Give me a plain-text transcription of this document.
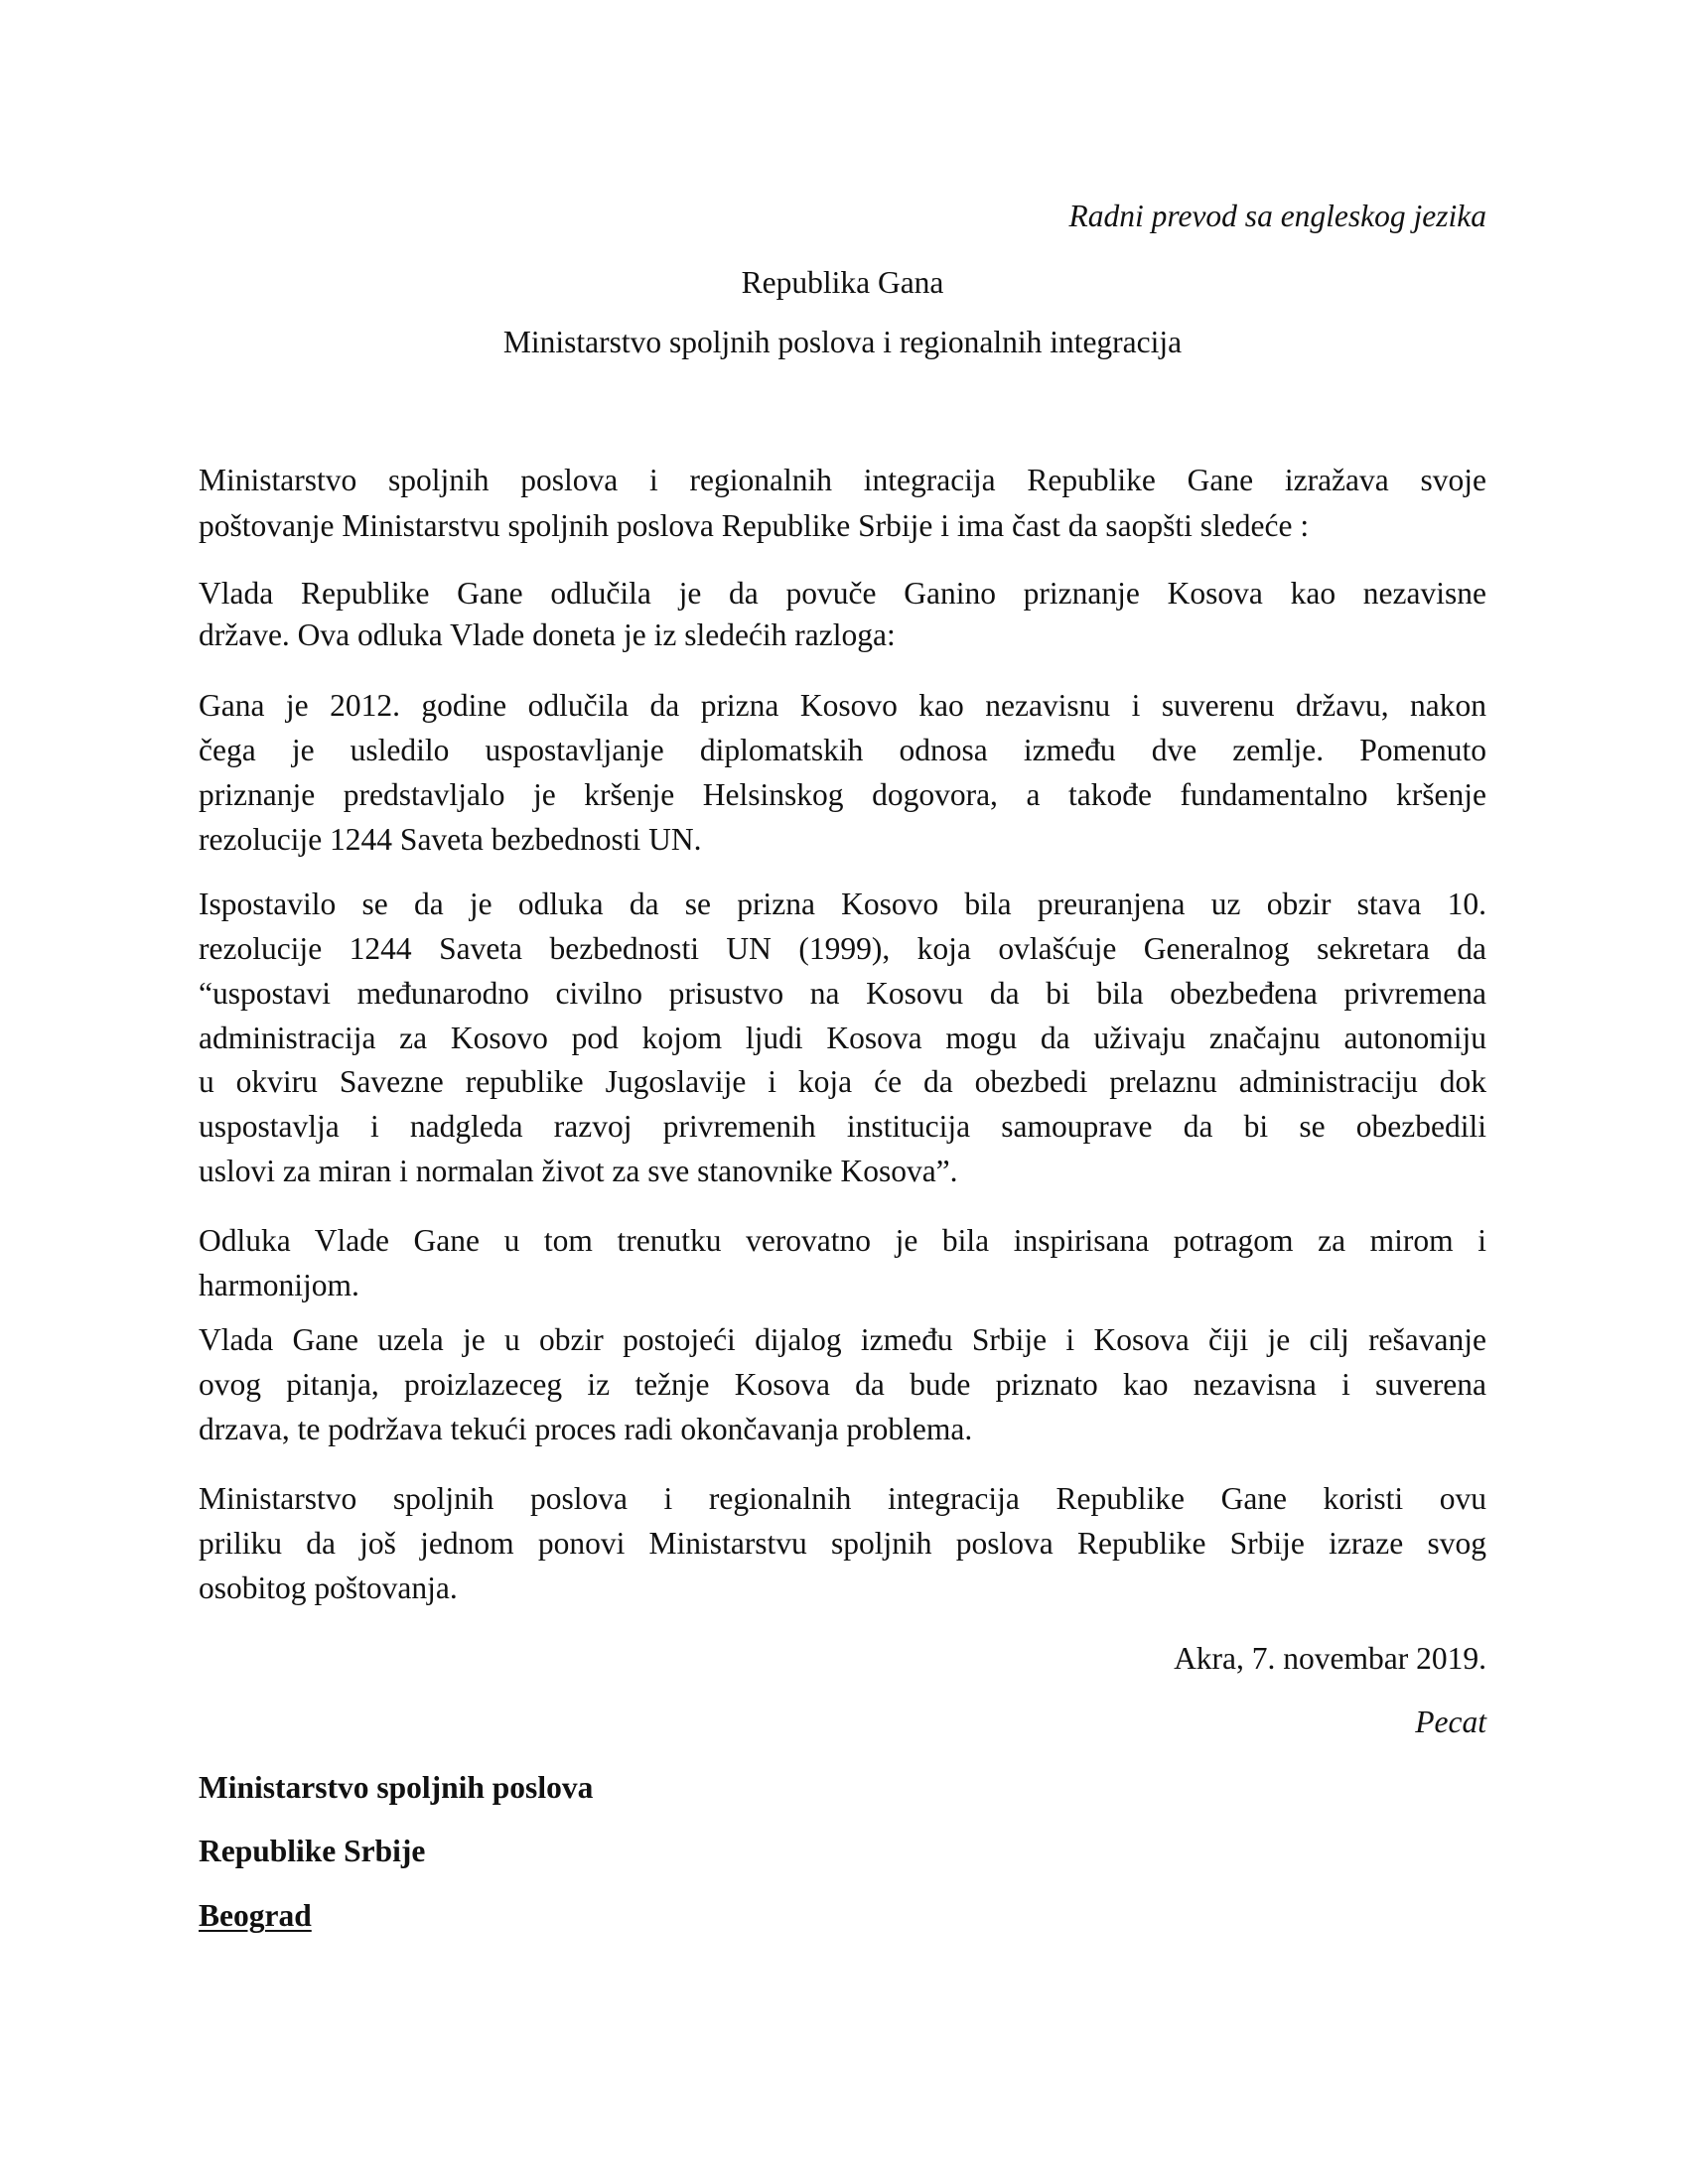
Radni prevod sa engleskog jezika
Republika Gana
Ministarstvo spoljnih poslova i regionalnih integracija
Ministarstvo spoljnih poslova i regionalnih integracija Republike Gane izražava svoje
poštovanje Ministarstvu spoljnih poslova Republike Srbije i ima čast da saopšti sledeće :
Vlada Republike Gane odlučila je da povuče Ganino priznanje Kosova kao nezavisne
države. Ova odluka Vlade doneta je iz sledećih razloga:
Gana je 2012. godine odlučila da prizna Kosovo kao nezavisnu i suverenu državu, nakon
čega je usledilo uspostavljanje diplomatskih odnosa između dve zemlje. Pomenuto
priznanje predstavljalo je kršenje Helsinskog dogovora, a takođe fundamentalno kršenje
rezolucije 1244 Saveta bezbednosti UN.
Ispostavilo se da je odluka da se prizna Kosovo bila preuranjena uz obzir stava 10.
rezolucije 1244 Saveta bezbednosti UN (1999), koja ovlašćuje Generalnog sekretara da
“uspostavi međunarodno civilno prisustvo na Kosovu da bi bila obezbeđena privremena
administracija za Kosovo pod kojom ljudi Kosova mogu da uživaju značajnu autonomiju
u okviru Savezne republike Jugoslavije i koja će da obezbedi prelaznu administraciju dok
uspostavlja i nadgleda razvoj privremenih institucija samouprave da bi se obezbedili
uslovi za miran i normalan život za sve stanovnike Kosova”.
Odluka Vlade Gane u tom trenutku verovatno je bila inspirisana potragom za mirom i
harmonijom.
Vlada Gane uzela je u obzir postojeći dijalog između Srbije i Kosova čiji je cilj rešavanje
ovog pitanja, proizlazeceg iz težnje Kosova da bude priznato kao nezavisna i suverena
drzava, te podržava tekući proces radi okončavanja problema.
Ministarstvo spoljnih poslova i regionalnih integracija Republike Gane koristi ovu
priliku da još jednom ponovi Ministarstvu spoljnih poslova Republike Srbije izraze svog
osobitog poštovanja.
Akra, 7. novembar 2019.
Pecat
Ministarstvo spoljnih poslova
Republike Srbije
Beograd
